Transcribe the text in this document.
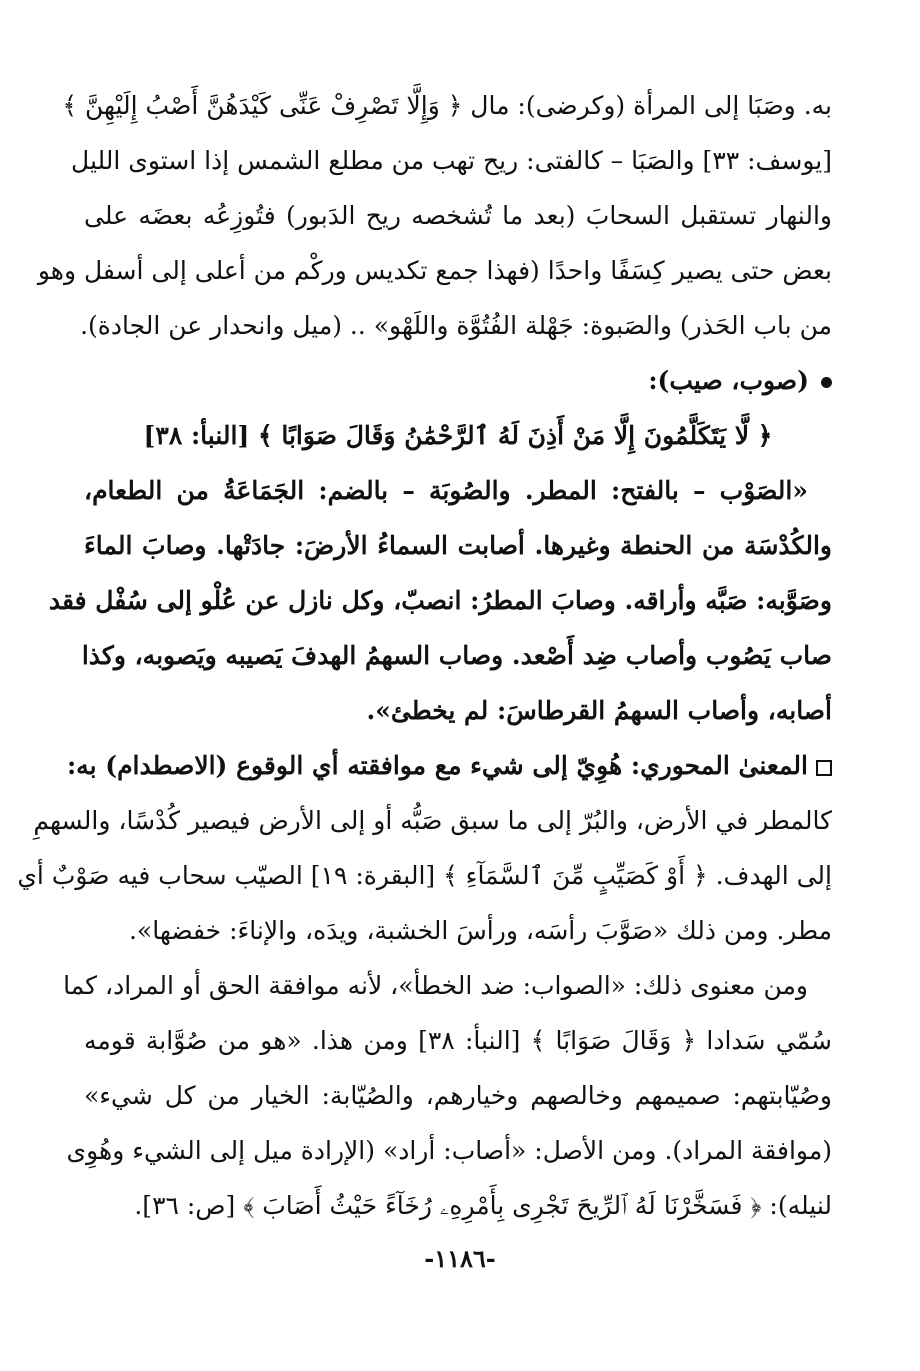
به. وصَبَا إلى المرأة (وكرضى): مال ﴿ وَإِلَّا تَصْرِفْ عَنِّى كَيْدَهُنَّ أَصْبُ إِلَيْهِنَّ ﴾
[يوسف: ٣٣] والصَبَا – كالفتى: ريح تهب من مطلع الشمس إذا استوى الليل
والنهار تستقبل السحابَ (بعد ما تُشخصه ريح الدَبور) فتُوزِعُه بعضَه على
بعض حتى يصير كِسَفًا واحدًا (فهذا جمع تكديس وركْم من أعلى إلى أسفل وهو
من باب الحَذر) والصَبوة: جَهْلة الفُتُوَّة واللَهْو» .. (ميل وانحدار عن الجادة).
(صوب، صيب):
﴿ لَّا يَتَكَلَّمُونَ إِلَّا مَنْ أَذِنَ لَهُ ٱلرَّحْمَٰنُ وَقَالَ صَوَابًا ﴾ [النبأ: ٣٨]
«الصَوْب – بالفتح: المطر. والصُوبَة – بالضم: الجَمَاعَةُ من الطعام،
والكُدْسَة من الحنطة وغيرها. أصابت السماءُ الأرضَ: جادَتْها. وصابَ الماءَ
وصَوَّبه: صَبَّه وأراقه. وصابَ المطرُ: انصبّ، وكل نازل عن عُلْو إلى سُفْل فقد
صاب يَصُوب وأصاب ضِد أَصْعد. وصاب السهمُ الهدفَ يَصيبه ويَصوبه، وكذا
أصابه، وأصاب السهمُ القرطاسَ: لم يخطئ».
المعنىٰ المحوري: هُوِيّ إلى شيء مع موافقته أي الوقوع (الاصطدام) به:
كالمطر في الأرض، والبُرّ إلى ما سبق صَبُّه أو إلى الأرض فيصير كُدْسًا، والسهمِ
إلى الهدف. ﴿ أَوْ كَصَيِّبٍ مِّنَ ٱلسَّمَآءِ ﴾ [البقرة: ١٩] الصيّب سحاب فيه صَوْبٌ أي
مطر. ومن ذلك «صَوَّبَ رأسَه، ورأسَ الخشبة، ويدَه، والإناءَ: خفضها».
ومن معنوى ذلك: «الصواب: ضد الخطأ»، لأنه موافقة الحق أو المراد، كما
سُمّي سَدادا ﴿ وَقَالَ صَوَابًا ﴾ [النبأ: ٣٨] ومن هذا. «هو من صُوَّابة قومه
وصُيّابتهم: صميمهم وخالصهم وخيارهم، والصُيّابة: الخيار من كل شيء»
(موافقة المراد). ومن الأصل: «أصاب: أراد» (الإرادة ميل إلى الشيء وهُوِى
لنيله): ﴿ فَسَخَّرْنَا لَهُ ٱلرِّيحَ تَجْرِى بِأَمْرِهِۦ رُخَآءً حَيْثُ أَصَابَ ﴾ [ص: ٣٦].
-١١٨٦-
